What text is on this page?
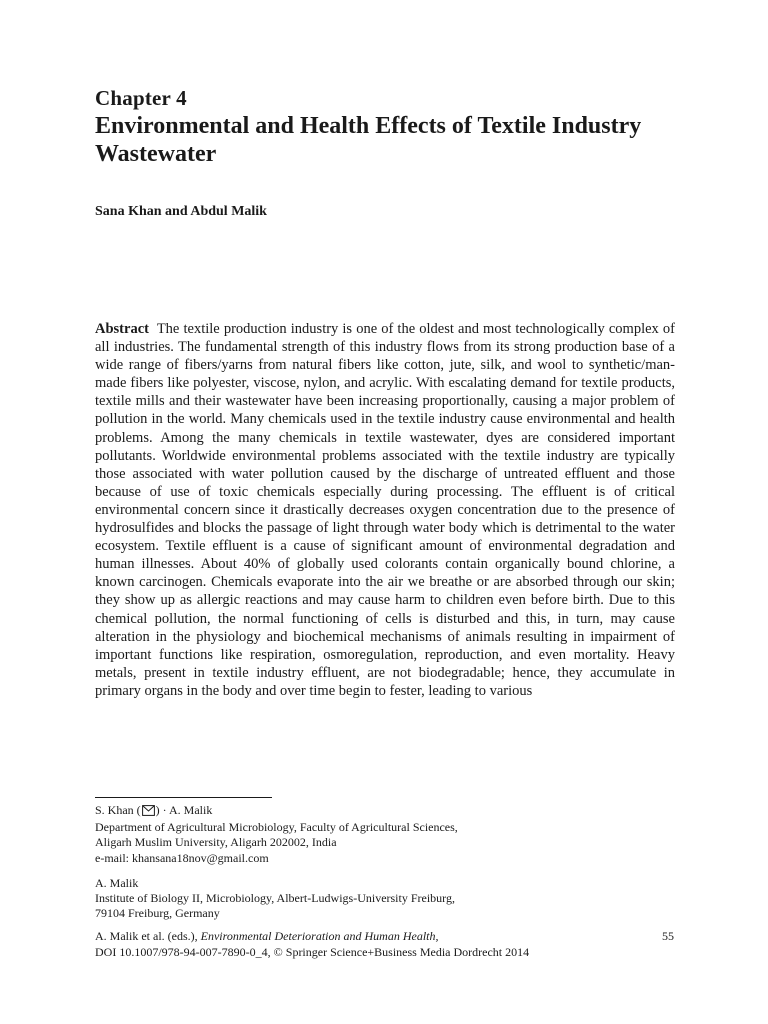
Chapter 4
Environmental and Health Effects of Textile Industry Wastewater
Sana Khan and Abdul Malik
Abstract The textile production industry is one of the oldest and most technologically complex of all industries. The fundamental strength of this industry flows from its strong production base of a wide range of fibers/yarns from natural fibers like cotton, jute, silk, and wool to synthetic/man-made fibers like polyester, viscose, nylon, and acrylic. With escalating demand for textile products, textile mills and their wastewater have been increasing proportionally, causing a major problem of pollution in the world. Many chemicals used in the textile industry cause environmental and health problems. Among the many chemicals in textile wastewater, dyes are considered important pollutants. Worldwide environmental problems associated with the textile industry are typically those associated with water pollution caused by the discharge of untreated effluent and those because of use of toxic chemicals especially during processing. The effluent is of critical environmental concern since it drastically decreases oxygen concentration due to the presence of hydrosulfides and blocks the passage of light through water body which is detrimental to the water ecosystem. Textile effluent is a cause of significant amount of environmental degradation and human illnesses. About 40% of globally used colorants contain organically bound chlorine, a known carcinogen. Chemicals evaporate into the air we breathe or are absorbed through our skin; they show up as allergic reactions and may cause harm to children even before birth. Due to this chemical pollution, the normal functioning of cells is disturbed and this, in turn, may cause alteration in the physiology and biochemical mechanisms of animals resulting in impairment of important functions like respiration, osmoregulation, reproduction, and even mortality. Heavy metals, present in textile industry effluent, are not biodegradable; hence, they accumulate in primary organs in the body and over time begin to fester, leading to various
S. Khan ( ) · A. Malik
Department of Agricultural Microbiology, Faculty of Agricultural Sciences,
Aligarh Muslim University, Aligarh 202002, India
e-mail: khansana18nov@gmail.com
A. Malik
Institute of Biology II, Microbiology, Albert-Ludwigs-University Freiburg,
79104 Freiburg, Germany
A. Malik et al. (eds.), Environmental Deterioration and Human Health,
DOI 10.1007/978-94-007-7890-0_4, © Springer Science+Business Media Dordrecht 2014
55
